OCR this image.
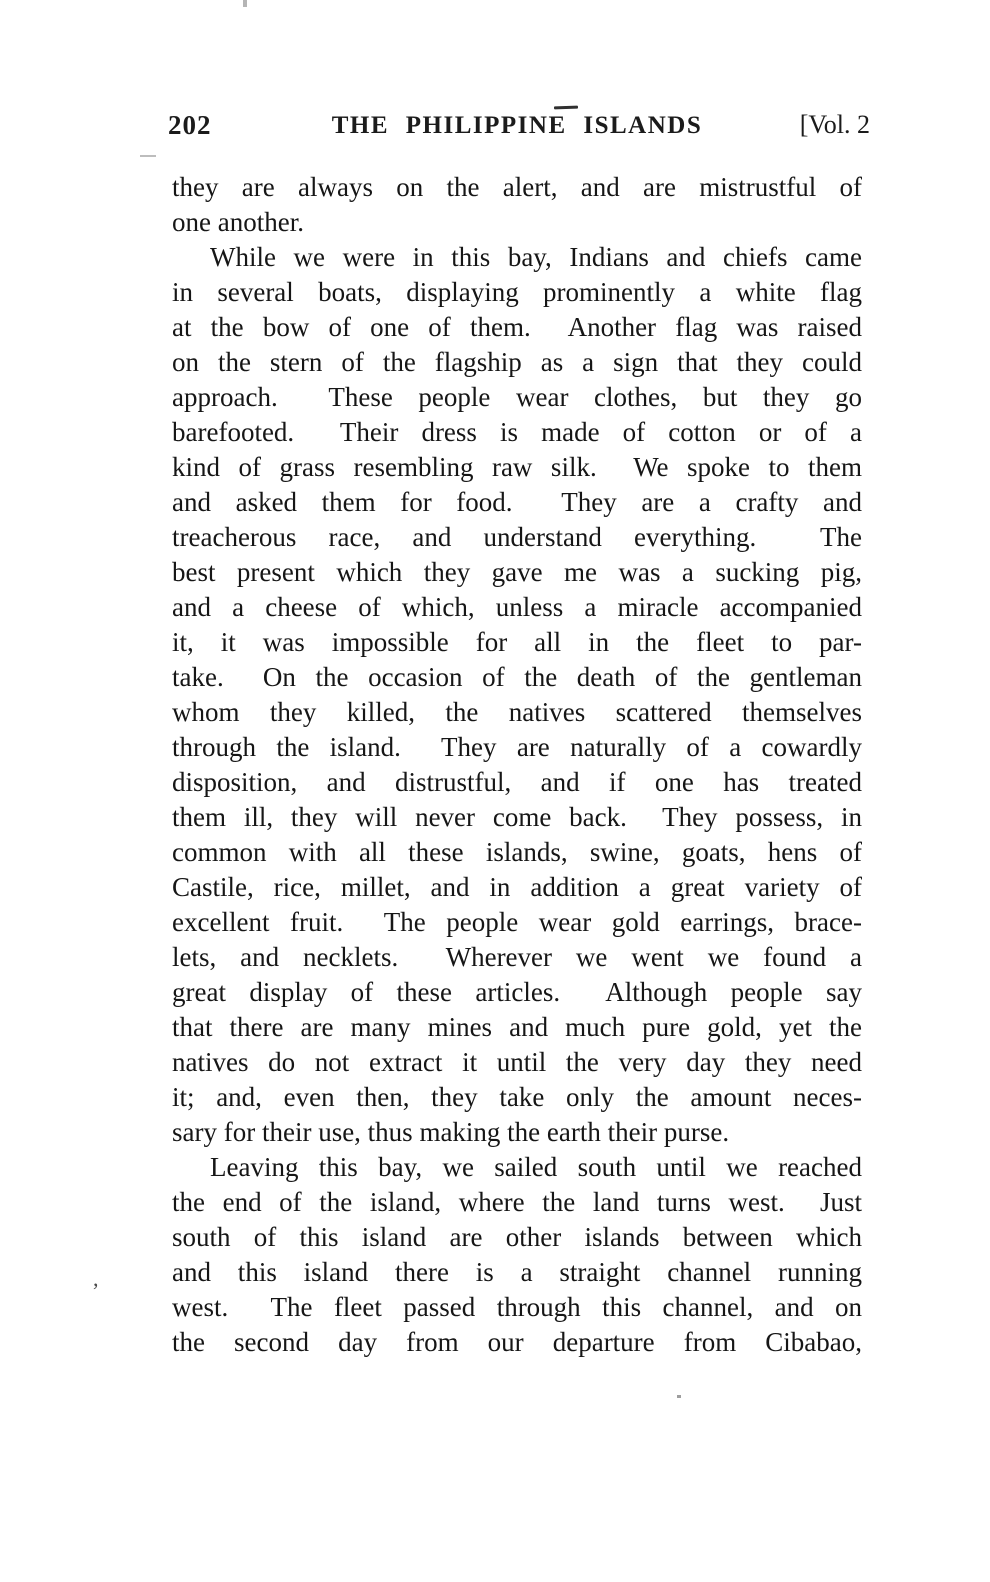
202	THE PHILIPPINE ISLANDS	[Vol. 2
,
they are always on the alert, and are mistrustful of
one another.
While we were in this bay, Indians and chiefs came
in several boats, displaying prominently a white flag
at the bow of one of them.  Another flag was raised
on the stern of the flagship as a sign that they could
approach.  These people wear clothes, but they go
barefooted.  Their dress is made of cotton or of a
kind of grass resembling raw silk.  We spoke to them
and asked them for food.  They are a crafty and
treacherous race, and understand everything.  The
best present which they gave me was a sucking pig,
and a cheese of which, unless a miracle accompanied
it, it was impossible for all in the fleet to par-
take.  On the occasion of the death of the gentleman
whom they killed, the natives scattered themselves
through the island.  They are naturally of a cowardly
disposition, and distrustful, and if one has treated
them ill, they will never come back.  They possess, in
common with all these islands, swine, goats, hens of
Castile, rice, millet, and in addition a great variety of
excellent fruit.  The people wear gold earrings, brace-
lets, and necklets.  Wherever we went we found a
great display of these articles.  Although people say
that there are many mines and much pure gold, yet the
natives do not extract it until the very day they need
it; and, even then, they take only the amount neces-
sary for their use, thus making the earth their purse.
Leaving this bay, we sailed south until we reached
the end of the island, where the land turns west.  Just
south of this island are other islands between which
and this island there is a straight channel running
west.  The fleet passed through this channel, and on
the second day from our departure from Cibabao,
